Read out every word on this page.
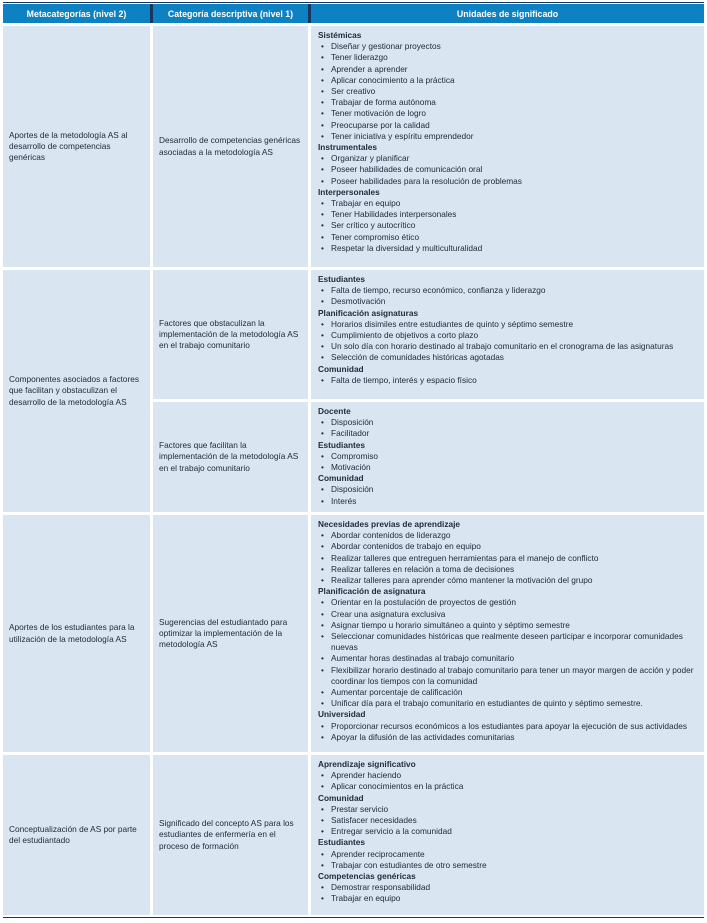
Metacategorías (nivel 2)	Categoría descriptiva (nivel 1)	Unidades de significado
Aportes de la metodología AS al desarrollo de competencias genéricas
Desarrollo de competencias genéricas asociadas a la metodología AS
Sistémicas
• Diseñar y gestionar proyectos
• Tener liderazgo
• Aprender a aprender
• Aplicar conocimiento a la práctica
• Ser creativo
• Trabajar de forma autónoma
• Tener motivación de logro
• Preocuparse por la calidad
• Tener iniciativa y espíritu emprendedor
Instrumentales
• Organizar y planificar
• Poseer habilidades de comunicación oral
• Poseer habilidades para la resolución de problemas
Interpersonales
• Trabajar en equipo
• Tener Habilidades interpersonales
• Ser crítico y autocrítico
• Tener compromiso ético
• Respetar la diversidad y multiculturalidad
Componentes asociados a factores que facilitan y obstaculizan el desarrollo de la metodología AS
Factores que obstaculizan la implementación de la metodología AS en el trabajo comunitario
Estudiantes
• Falta de tiempo, recurso económico, confianza y liderazgo
• Desmotivación
Planificación asignaturas
• Horarios disimiles entre estudiantes de quinto y séptimo semestre
• Cumplimiento de objetivos a corto plazo
• Un solo día con horario destinado al trabajo comunitario en el cronograma de las asignaturas
• Selección de comunidades históricas agotadas
Comunidad
• Falta de tiempo, interés y espacio físico
Factores que facilitan la implementación de la metodología AS en el trabajo comunitario
Docente
• Disposición
• Facilitador
Estudiantes
• Compromiso
• Motivación
Comunidad
• Disposición
• Interés
Aportes de los estudiantes para la utilización de la metodología AS
Sugerencias del estudiantado para optimizar la implementación de la metodología AS
Necesidades previas de aprendizaje
• Abordar contenidos de liderazgo
• Abordar contenidos de trabajo en equipo
• Realizar talleres que entreguen herramientas para el manejo de conflicto
• Realizar talleres en relación a toma de decisiones
• Realizar talleres para aprender cómo mantener la motivación del grupo
Planificación de asignatura
• Orientar en la postulación de proyectos de gestión
• Crear una asignatura exclusiva
• Asignar tiempo u horario simultáneo a quinto y séptimo semestre
• Seleccionar comunidades históricas que realmente deseen participar e incorporar comunidades nuevas
• Aumentar horas destinadas al trabajo comunitario
• Flexibilizar horario destinado al trabajo comunitario para tener un mayor margen de acción y poder coordinar los tiempos con la comunidad
• Aumentar porcentaje de calificación
• Unificar día para el trabajo comunitario en estudiantes de quinto y séptimo semestre.
Universidad
• Proporcionar recursos económicos a los estudiantes para apoyar la ejecución de sus actividades
• Apoyar la difusión de las actividades comunitarias
Conceptualización de AS por parte del estudiantado
Significado del concepto AS para los estudiantes de enfermería en el proceso de formación
Aprendizaje significativo
• Aprender haciendo
• Aplicar conocimientos en la práctica
Comunidad
• Prestar servicio
• Satisfacer necesidades
• Entregar servicio a la comunidad
Estudiantes
• Aprender reciprocamente
• Trabajar con estudiantes de otro semestre
Competencias genéricas
• Demostrar responsabilidad
• Trabajar en equipo
